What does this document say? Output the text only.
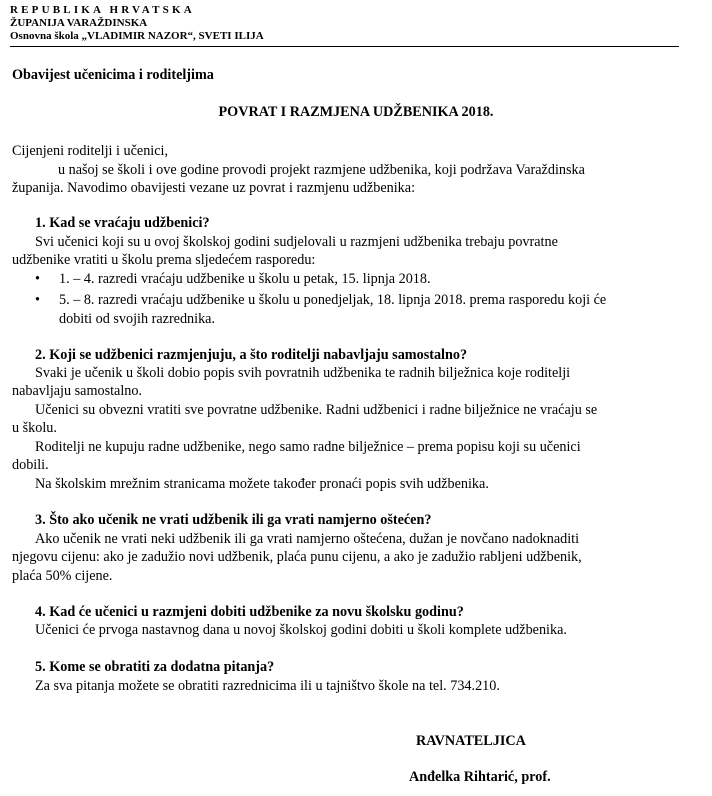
REPUBLIKA HRVATSKA
ŽUPANIJA VARAŽDINSKA
Osnovna škola „VLADIMIR NAZOR“, SVETI ILIJA
Obavijest učenicima i roditeljima
POVRAT I RAZMJENA UDŽBENIKA 2018.
Cijenjeni roditelji i učenici,
u našoj se školi i ove godine provodi projekt razmjene udžbenika, koji podržava Varaždinska
županija. Navodimo obavijesti vezane uz povrat i razmjenu udžbenika:
1. Kad se vraćaju udžbenici?
Svi učenici koji su u ovoj školskoj godini sudjelovali u razmjeni udžbenika trebaju povratne
udžbenike vratiti u školu prema sljedećem rasporedu:
• 1. – 4. razredi vraćaju udžbenike u školu u petak, 15. lipnja 2018.
• 5. – 8. razredi vraćaju udžbenike u školu u ponedjeljak, 18. lipnja 2018. prema rasporedu koji će
dobiti od svojih razrednika.
2. Koji se udžbenici razmjenjuju, a što roditelji nabavljaju samostalno?
Svaki je učenik u školi dobio popis svih povratnih udžbenika te radnih bilježnica koje roditelji
nabavljaju samostalno.
Učenici su obvezni vratiti sve povratne udžbenike. Radni udžbenici i radne bilježnice ne vraćaju se
u školu.
Roditelji ne kupuju radne udžbenike, nego samo radne bilježnice – prema popisu koji su učenici
dobili.
Na školskim mrežnim stranicama možete također pronaći popis svih udžbenika.
3. Što ako učenik ne vrati udžbenik ili ga vrati namjerno oštećen?
Ako učenik ne vrati neki udžbenik ili ga vrati namjerno oštećena, dužan je novčano nadoknaditi
njegovu cijenu: ako je zadužio novi udžbenik, plaća punu cijenu, a ako je zadužio rabljeni udžbenik,
plaća 50% cijene.
4. Kad će učenici u razmjeni dobiti udžbenike za novu školsku godinu?
Učenici će prvoga nastavnog dana u novoj školskoj godini dobiti u školi komplete udžbenika.
5. Kome se obratiti za dodatna pitanja?
Za sva pitanja možete se obratiti razrednicima ili u tajništvo škole na tel. 734.210.
RAVNATELJICA
Anđelka Rihtarić, prof.
